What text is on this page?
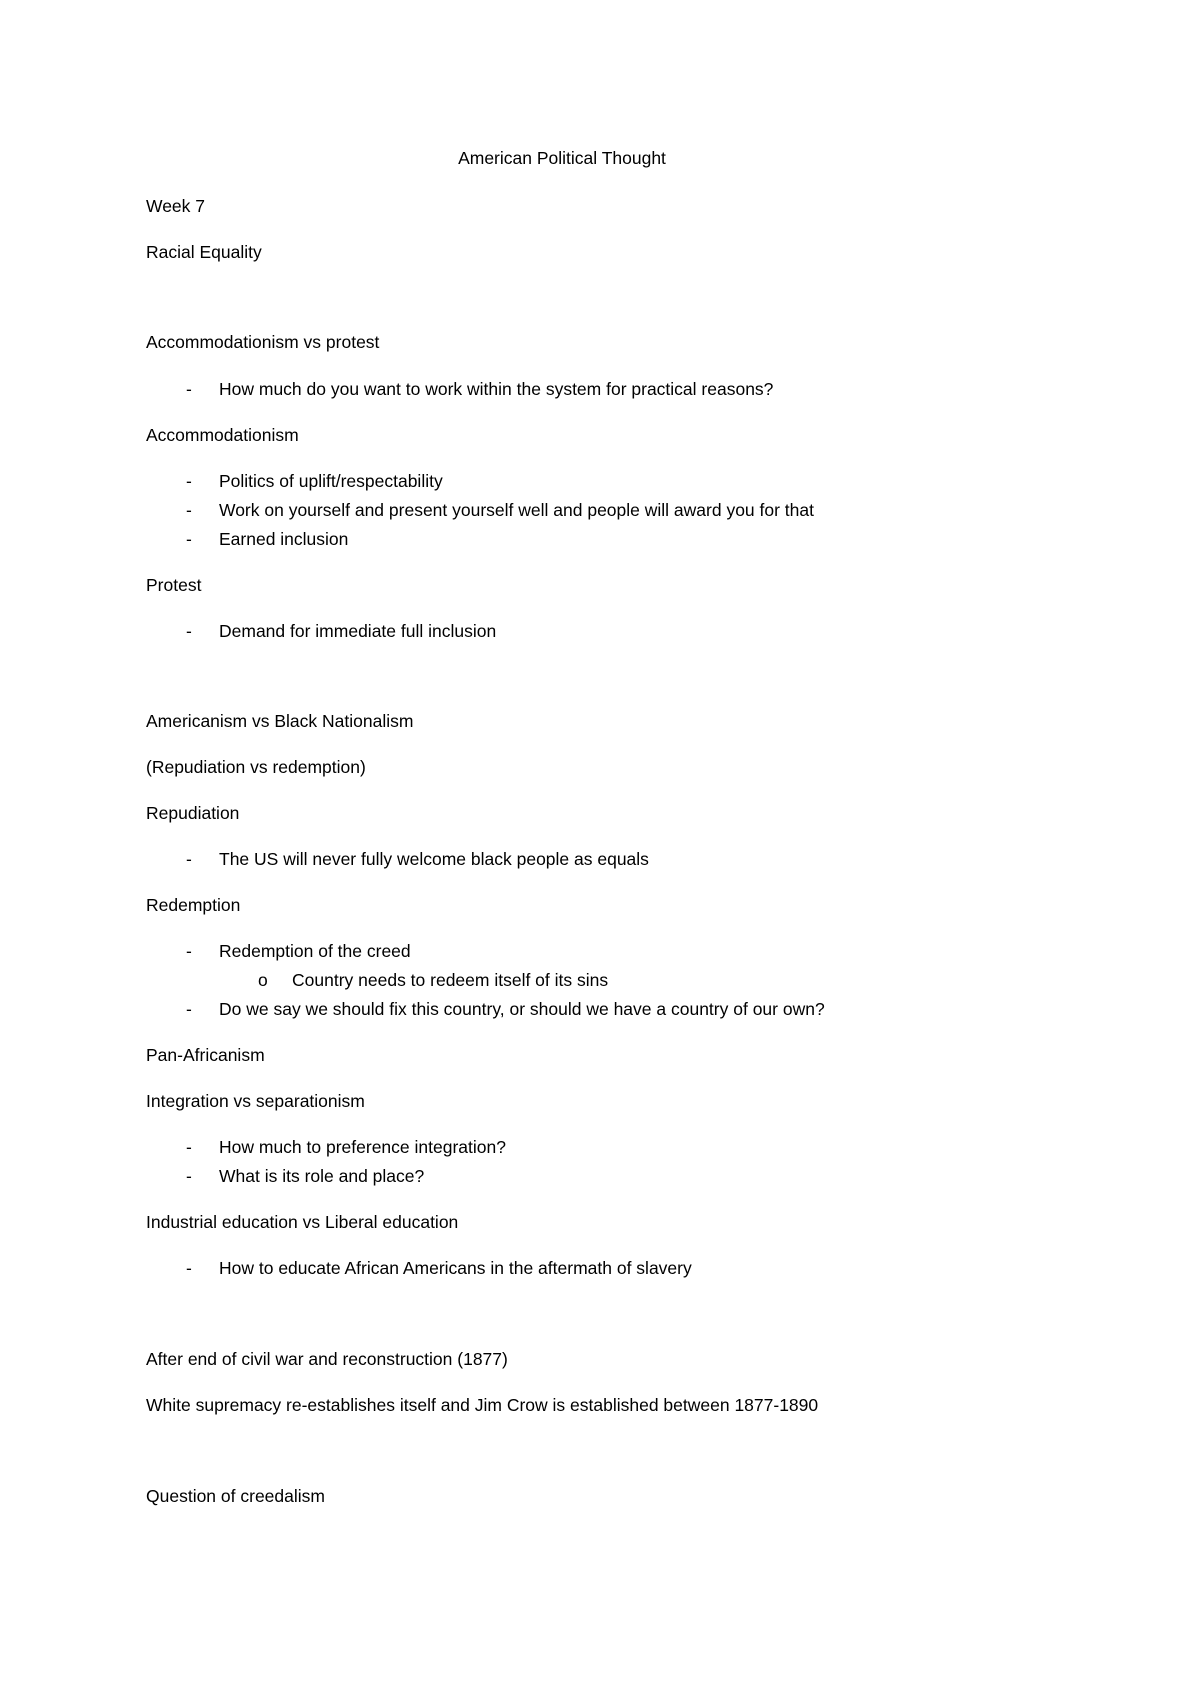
American Political Thought

Week 7

Racial Equality

Accommodationism vs protest

- How much do you want to work within the system for practical reasons?

Accommodationism

- Politics of uplift/respectability
- Work on yourself and present yourself well and people will award you for that
- Earned inclusion

Protest

- Demand for immediate full inclusion

Americanism vs Black Nationalism

(Repudiation vs redemption)

Repudiation

- The US will never fully welcome black people as equals

Redemption

- Redemption of the creed
o Country needs to redeem itself of its sins
- Do we say we should fix this country, or should we have a country of our own?

Pan-Africanism

Integration vs separationism

- How much to preference integration?
- What is its role and place?

Industrial education vs Liberal education

- How to educate African Americans in the aftermath of slavery

After end of civil war and reconstruction (1877)

White supremacy re-establishes itself and Jim Crow is established between 1877-1890

Question of creedalism
